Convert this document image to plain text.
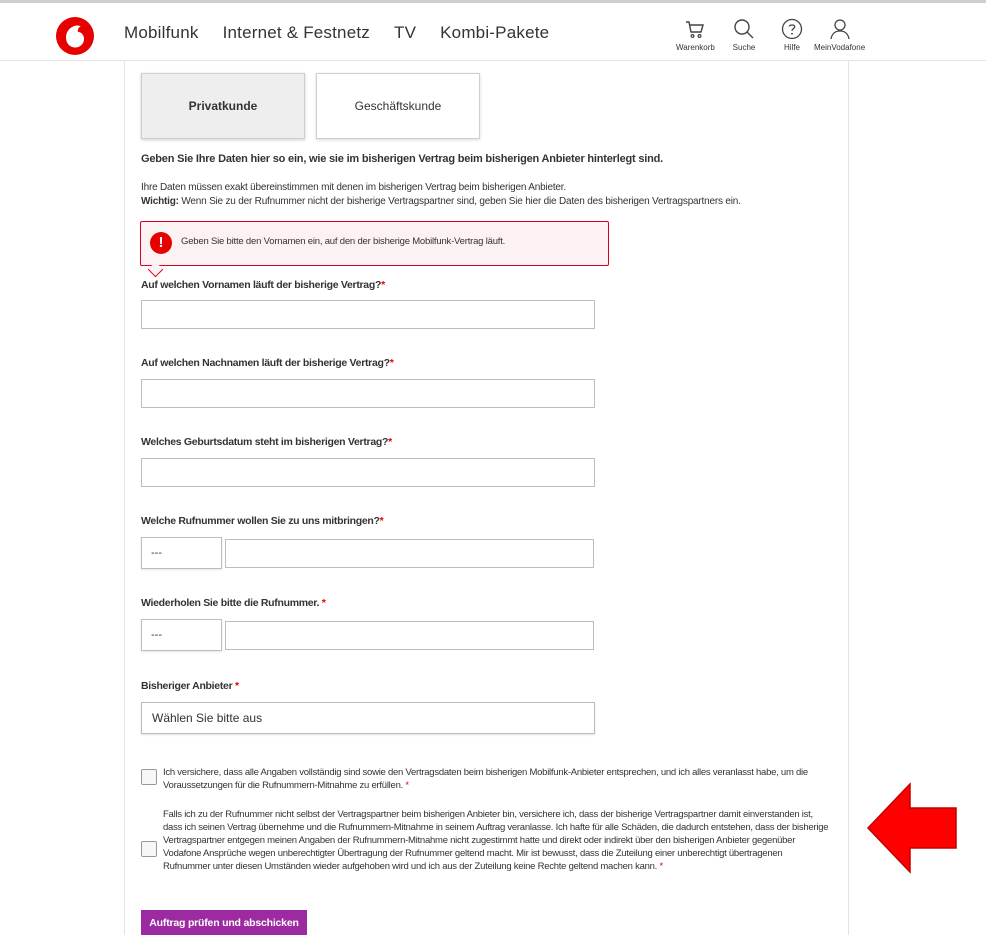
Mobilfunk Internet & Festnetz TV Kombi-Pakete
Warenkorb Suche	Hilfe	MeinVodafone
Privatkunde	Geschäftskunde
Geben Sie Ihre Daten hier so ein, wie sie im bisherigen Vertrag beim bisherigen Anbieter hinterlegt sind.
Ihre Daten müssen exakt übereinstimmen mit denen im bisherigen Vertrag beim bisherigen Anbieter.
Wichtig: Wenn Sie zu der Rufnummer nicht der bisherige Vertragspartner sind, geben Sie hier die Daten des bisherigen Vertragspartners ein.
!	Geben Sie bitte den Vornamen ein, auf den der bisherige Mobilfunk-Vertrag läuft.
Auf welchen Vornamen läuft der bisherige Vertrag?*
Auf welchen Nachnamen läuft der bisherige Vertrag?*
Welches Geburtsdatum steht im bisherigen Vertrag?*
Welche Rufnummer wollen Sie zu uns mitbringen?*
---
Wiederholen Sie bitte die Rufnummer. *
---
Bisheriger Anbieter *
Wählen Sie bitte aus
Ich versichere, dass alle Angaben vollständig sind sowie den Vertragsdaten beim bisherigen Mobilfunk-Anbieter entsprechen, und ich alles veranlasst habe, um die Voraussetzungen für die Rufnummern-Mitnahme zu erfüllen. *
Falls ich zu der Rufnummer nicht selbst der Vertragspartner beim bisherigen Anbieter bin, versichere ich, dass der bisherige Vertragspartner damit einverstanden ist, dass ich seinen Vertrag übernehme und die Rufnummern-Mitnahme in seinem Auftrag veranlasse. Ich hafte für alle Schäden, die dadurch entstehen, dass der bisherige Vertragspartner entgegen meinen Angaben der Rufnummern-Mitnahme nicht zugestimmt hatte und direkt oder indirekt über den bisherigen Anbieter gegenüber Vodafone Ansprüche wegen unberechtigter Übertragung der Rufnummer geltend macht. Mir ist bewusst, dass die Zuteilung einer unberechtigt übertragenen Rufnummer unter diesen Umständen wieder aufgehoben wird und ich aus der Zuteilung keine Rechte geltend machen kann. *
Auftrag prüfen und abschicken
